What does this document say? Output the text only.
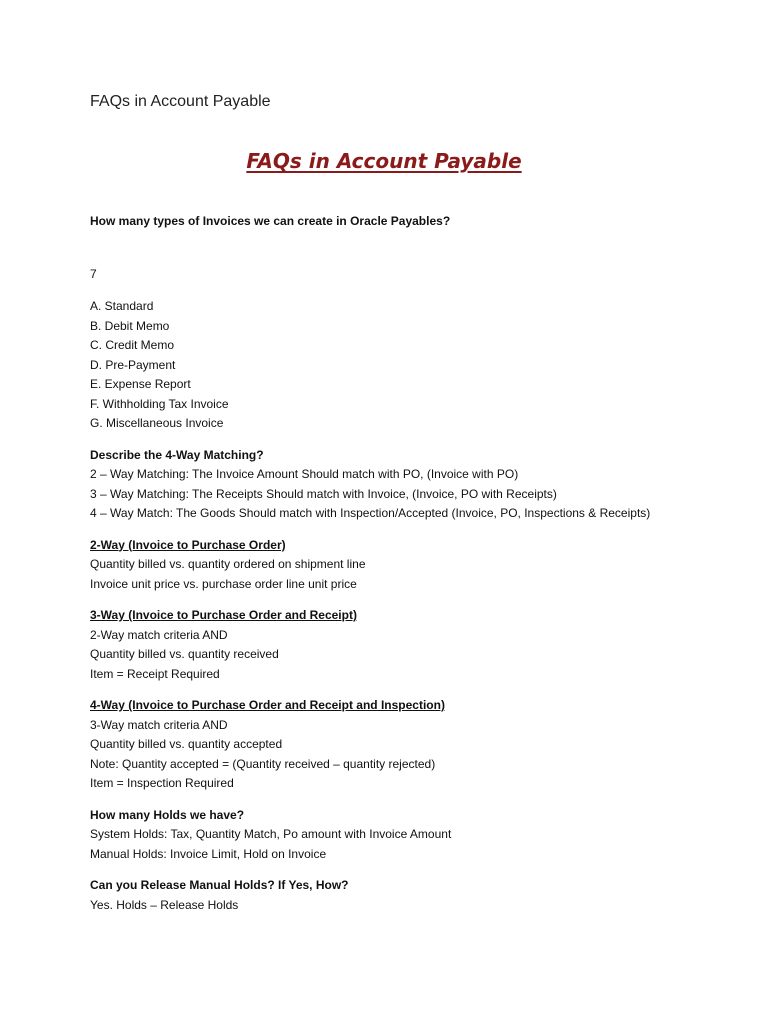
FAQs in Account Payable
FAQs in Account Payable

How many types of Invoices we can create in Oracle Payables?

7

A. Standard

B. Debit Memo

C. Credit Memo

D. Pre-Payment

E. Expense Report

F. Withholding Tax Invoice

G. Miscellaneous Invoice

Describe the 4-Way Matching?

2 – Way Matching: The Invoice Amount Should match with PO, (Invoice with PO)

3 – Way Matching: The Receipts Should match with Invoice, (Invoice, PO with Receipts)

4 – Way Match: The Goods Should match with Inspection/Accepted (Invoice, PO, Inspections & Receipts)

2-Way (Invoice to Purchase Order)

Quantity billed vs. quantity ordered on shipment line

Invoice unit price vs. purchase order line unit price

3-Way (Invoice to Purchase Order and Receipt)

2-Way match criteria AND

Quantity billed vs. quantity received

Item = Receipt Required

4-Way (Invoice to Purchase Order and Receipt and Inspection)

3-Way match criteria AND

Quantity billed vs. quantity accepted

Note: Quantity accepted = (Quantity received – quantity rejected)

Item = Inspection Required

How many Holds we have?

System Holds: Tax, Quantity Match, Po amount with Invoice Amount

Manual Holds: Invoice Limit, Hold on Invoice

Can you Release Manual Holds? If Yes, How?

Yes. Holds – Release Holds
